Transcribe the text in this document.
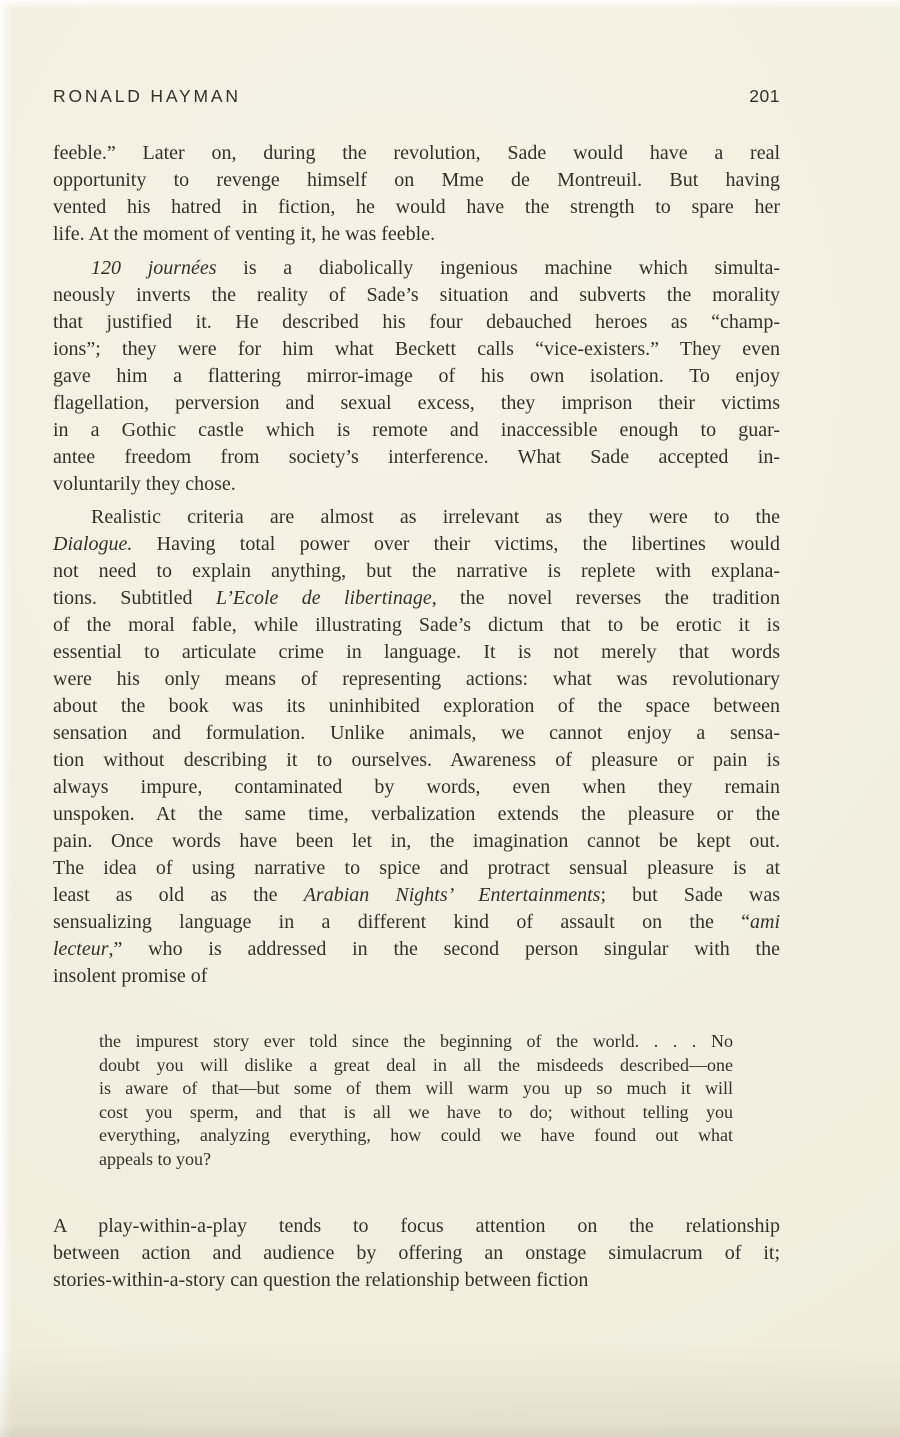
RONALD HAYMAN	201
feeble.” Later on, during the revolution, Sade would have a real
opportunity to revenge himself on Mme de Montreuil. But having
vented his hatred in fiction, he would have the strength to spare her
life. At the moment of venting it, he was feeble.
120 journées is a diabolically ingenious machine which simulta-
neously inverts the reality of Sade’s situation and subverts the morality
that justified it. He described his four debauched heroes as “champ-
ions”; they were for him what Beckett calls “vice-existers.” They even
gave him a flattering mirror-image of his own isolation. To enjoy
flagellation, perversion and sexual excess, they imprison their victims
in a Gothic castle which is remote and inaccessible enough to guar-
antee freedom from society’s interference. What Sade accepted in-
voluntarily they chose.
Realistic criteria are almost as irrelevant as they were to the
Dialogue. Having total power over their victims, the libertines would
not need to explain anything, but the narrative is replete with explana-
tions. Subtitled L’Ecole de libertinage, the novel reverses the tradition
of the moral fable, while illustrating Sade’s dictum that to be erotic it is
essential to articulate crime in language. It is not merely that words
were his only means of representing actions: what was revolutionary
about the book was its uninhibited exploration of the space between
sensation and formulation. Unlike animals, we cannot enjoy a sensa-
tion without describing it to ourselves. Awareness of pleasure or pain is
always impure, contaminated by words, even when they remain
unspoken. At the same time, verbalization extends the pleasure or the
pain. Once words have been let in, the imagination cannot be kept out.
The idea of using narrative to spice and protract sensual pleasure is at
least as old as the Arabian Nights’ Entertainments; but Sade was
sensualizing language in a different kind of assault on the “ami
lecteur,” who is addressed in the second person singular with the
insolent promise of
the impurest story ever told since the beginning of the world. . . . No
doubt you will dislike a great deal in all the misdeeds described—one
is aware of that—but some of them will warm you up so much it will
cost you sperm, and that is all we have to do; without telling you
everything, analyzing everything, how could we have found out what
appeals to you?
A play-within-a-play tends to focus attention on the relationship
between action and audience by offering an onstage simulacrum of it;
stories-within-a-story can question the relationship between fiction
